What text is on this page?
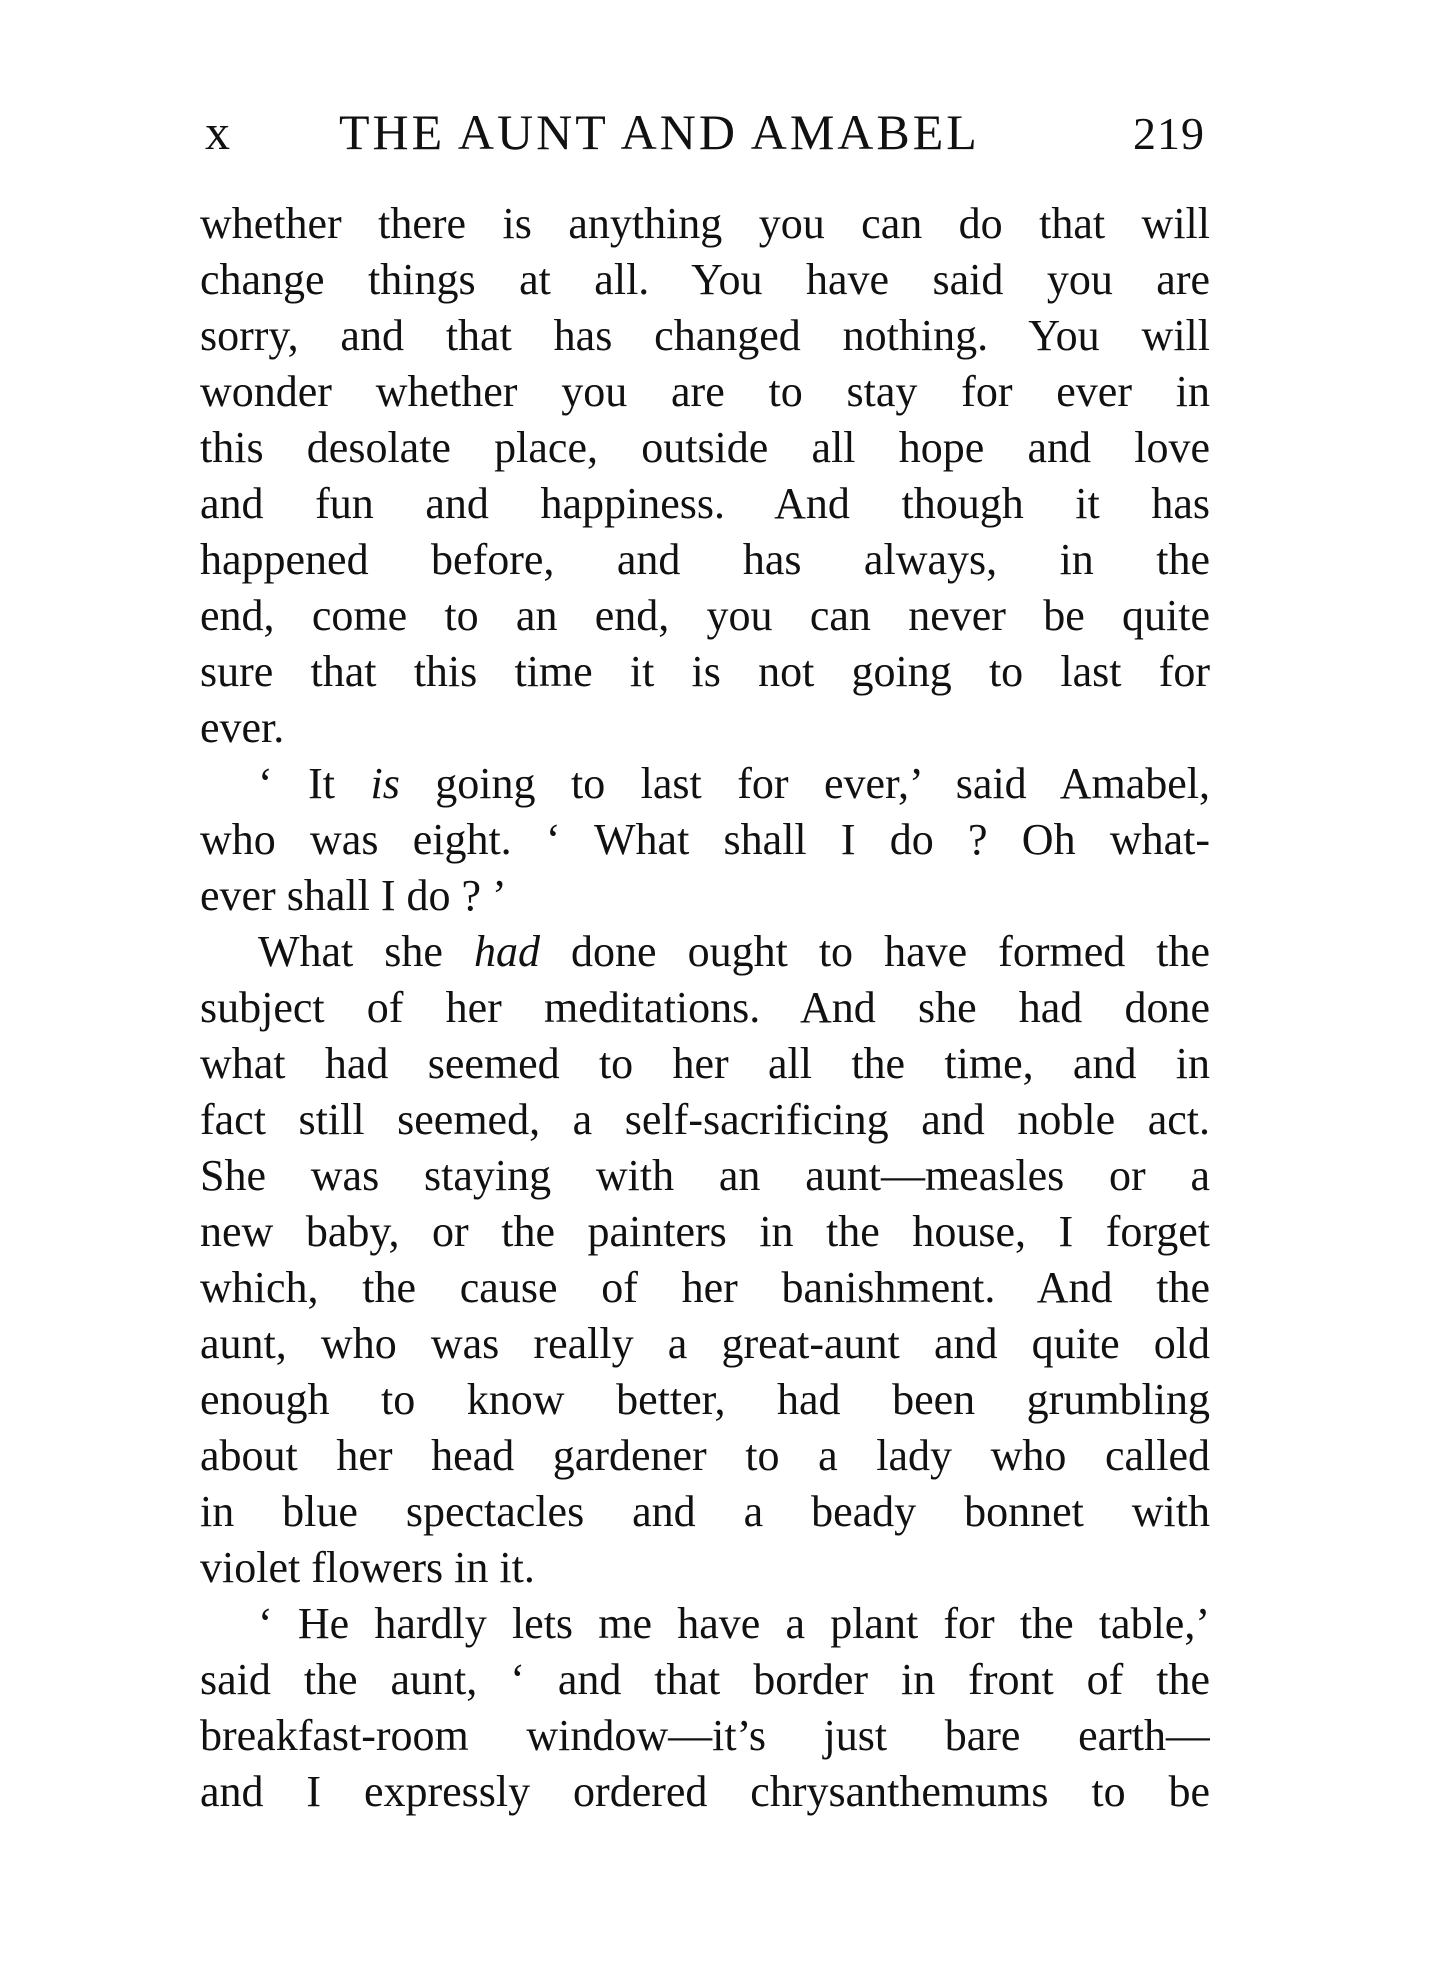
x THE AUNT AND AMABEL	219
whether there is anything you can do that will
change things at all. You have said you are
sorry, and that has changed nothing. You will
wonder whether you are to stay for ever in
this desolate place, outside all hope and love
and fun and happiness. And though it has
happened before, and has always, in the
end, come to an end, you can never be quite
sure that this time it is not going to last for
ever.
‘ It is going to last for ever,’ said Amabel,
who was eight. ‘ What shall I do ? Oh what-
ever shall I do ? ’
What she had done ought to have formed the
subject of her meditations. And she had done
what had seemed to her all the time, and in
fact still seemed, a self-sacrificing and noble act.
She was staying with an aunt—measles or a
new baby, or the painters in the house, I forget
which, the cause of her banishment. And the
aunt, who was really a great-aunt and quite old
enough to know better, had been grumbling
about her head gardener to a lady who called
in blue spectacles and a beady bonnet with
violet flowers in it.
‘ He hardly lets me have a plant for the table,’
said the aunt, ‘ and that border in front of the
breakfast-room window—it’s just bare earth—
and I expressly ordered chrysanthemums to be
